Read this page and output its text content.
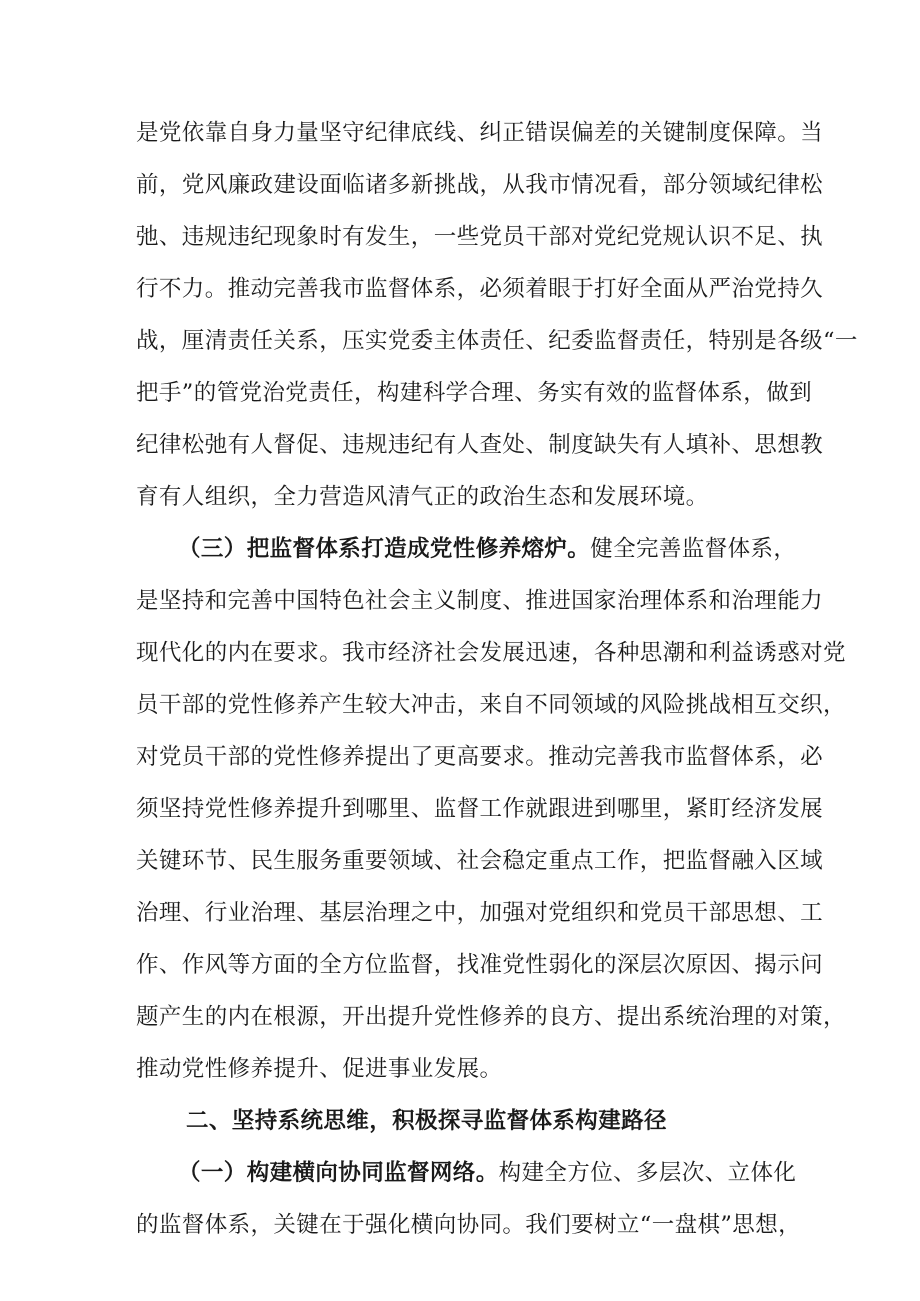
是党依靠自身力量坚守纪律底线、纠正错误偏差的关键制度保障。当
前，党风廉政建设面临诸多新挑战，从我市情况看，部分领域纪律松
弛、违规违纪现象时有发生，一些党员干部对党纪党规认识不足、执
行不力。推动完善我市监督体系，必须着眼于打好全面从严治党持久
战，厘清责任关系，压实党委主体责任、纪委监督责任，特别是各级“一
把手”的管党治党责任，构建科学合理、务实有效的监督体系，做到
纪律松弛有人督促、违规违纪有人查处、制度缺失有人填补、思想教
育有人组织，全力营造风清气正的政治生态和发展环境。
（三）把监督体系打造成党性修养熔炉。健全完善监督体系，
是坚持和完善中国特色社会主义制度、推进国家治理体系和治理能力
现代化的内在要求。我市经济社会发展迅速，各种思潮和利益诱惑对党
员干部的党性修养产生较大冲击，来自不同领域的风险挑战相互交织，
对党员干部的党性修养提出了更高要求。推动完善我市监督体系，必
须坚持党性修养提升到哪里、监督工作就跟进到哪里，紧盯经济发展
关键环节、民生服务重要领域、社会稳定重点工作，把监督融入区域
治理、行业治理、基层治理之中，加强对党组织和党员干部思想、工
作、作风等方面的全方位监督，找准党性弱化的深层次原因、揭示问
题产生的内在根源，开出提升党性修养的良方、提出系统治理的对策，
推动党性修养提升、促进事业发展。
二、坚持系统思维，积极探寻监督体系构建路径
（一）构建横向协同监督网络。构建全方位、多层次、立体化
的监督体系，关键在于强化横向协同。我们要树立“一盘棋”思想，
